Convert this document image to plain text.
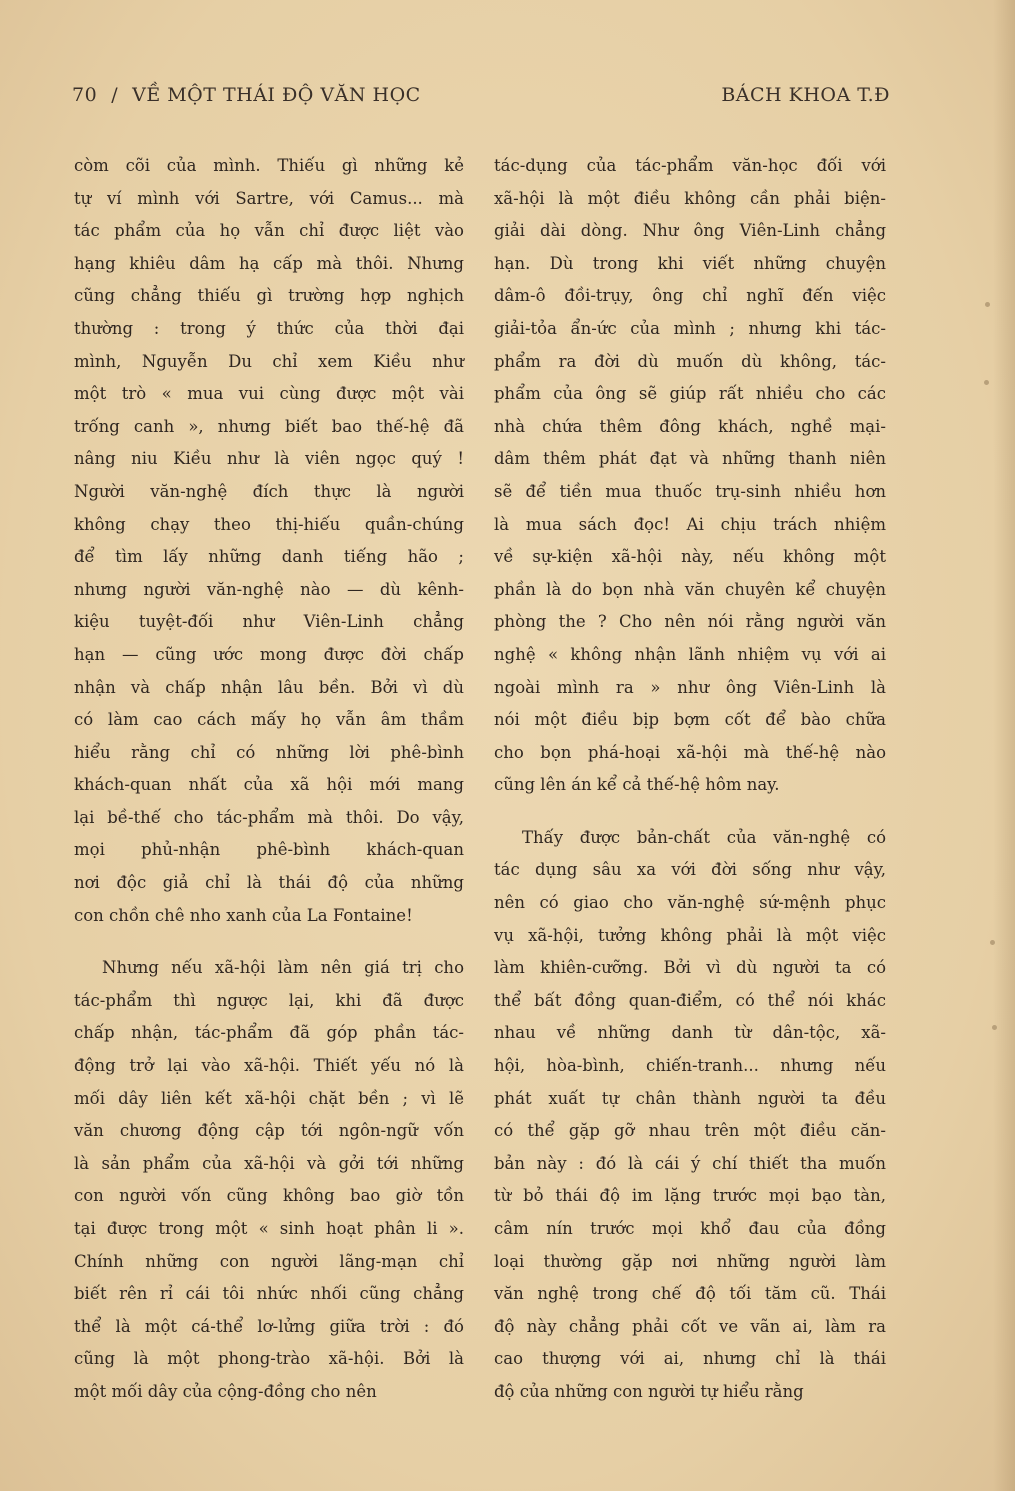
70 / VỀ MỘT THÁI ĐỘ VĂN HỌC	BÁCH KHOA T.Đ
còm cõi của mình. Thiếu gì những kẻ
tự ví mình với Sartre, với Camus... mà
tác phẩm của họ vẫn chỉ được liệt vào
hạng khiêu dâm hạ cấp mà thôi. Nhưng
cũng chẳng thiếu gì trường hợp nghịch
thường : trong ý thức của thời đại
mình, Nguyễn Du chỉ xem Kiều như
một trò « mua vui cùng được một vài
trống canh », nhưng biết bao thế-hệ đã
nâng niu Kiều như là viên ngọc quý !
Người văn-nghệ đích thực là người
không chạy theo thị-hiếu quần-chúng
để tìm lấy những danh tiếng hão ;
nhưng người văn-nghệ nào — dù kênh-
kiệu tuyệt-đối như Viên-Linh chẳng
hạn — cũng ước mong được đời chấp
nhận và chấp nhận lâu bền. Bởi vì dù
có làm cao cách mấy họ vẫn âm thầm
hiểu rằng chỉ có những lời phê-bình
khách-quan nhất của xã hội mới mang
lại bề-thế cho tác-phẩm mà thôi. Do vậy,
mọi phủ-nhận phê-bình khách-quan
nơi độc giả chỉ là thái độ của những
con chồn chê nho xanh của La Fontaine!
Nhưng nếu xã-hội làm nên giá trị cho
tác-phẩm thì ngược lại, khi đã được
chấp nhận, tác-phẩm đã góp phần tác-
động trở lại vào xã-hội. Thiết yếu nó là
mối dây liên kết xã-hội chặt bền ; vì lẽ
văn chương động cập tới ngôn-ngữ vốn
là sản phẩm của xã-hội và gởi tới những
con người vốn cũng không bao giờ tồn
tại được trong một « sinh hoạt phân li ».
Chính những con người lãng-mạn chỉ
biết rên rỉ cái tôi nhức nhối cũng chẳng
thể là một cá-thể lơ-lửng giữa trời : đó
cũng là một phong-trào xã-hội. Bởi là
một mối dây của cộng-đồng cho nên
tác-dụng của tác-phẩm văn-học đối với
xã-hội là một điều không cần phải biện-
giải dài dòng. Như ông Viên-Linh chẳng
hạn. Dù trong khi viết những chuyện
dâm-ô đồi-trụy, ông chỉ nghĩ đến việc
giải-tỏa ẩn-ức của mình ; nhưng khi tác-
phẩm ra đời dù muốn dù không, tác-
phẩm của ông sẽ giúp rất nhiều cho các
nhà chứa thêm đông khách, nghề mại-
dâm thêm phát đạt và những thanh niên
sẽ để tiền mua thuốc trụ-sinh nhiều hơn
là mua sách đọc! Ai chịu trách nhiệm
về sự-kiện xã-hội này, nếu không một
phần là do bọn nhà văn chuyên kể chuyện
phòng the ? Cho nên nói rằng người văn
nghệ « không nhận lãnh nhiệm vụ với ai
ngoài mình ra » như ông Viên-Linh là
nói một điều bịp bợm cốt để bào chữa
cho bọn phá-hoại xã-hội mà thế-hệ nào
cũng lên án kể cả thế-hệ hôm nay.
Thấy được bản-chất của văn-nghệ có
tác dụng sâu xa với đời sống như vậy,
nên có giao cho văn-nghệ sứ-mệnh phục
vụ xã-hội, tưởng không phải là một việc
làm khiên-cưỡng. Bởi vì dù người ta có
thể bất đồng quan-điểm, có thể nói khác
nhau về những danh từ dân-tộc, xã-
hội, hòa-bình, chiến-tranh... nhưng nếu
phát xuất tự chân thành người ta đều
có thể gặp gỡ nhau trên một điều căn-
bản này : đó là cái ý chí thiết tha muốn
từ bỏ thái độ im lặng trước mọi bạo tàn,
câm nín trước mọi khổ đau của đồng
loại thường gặp nơi những người làm
văn nghệ trong chế độ tối tăm cũ. Thái
độ này chẳng phải cốt ve vãn ai, làm ra
cao thượng với ai, nhưng chỉ là thái
độ của những con người tự hiểu rằng
